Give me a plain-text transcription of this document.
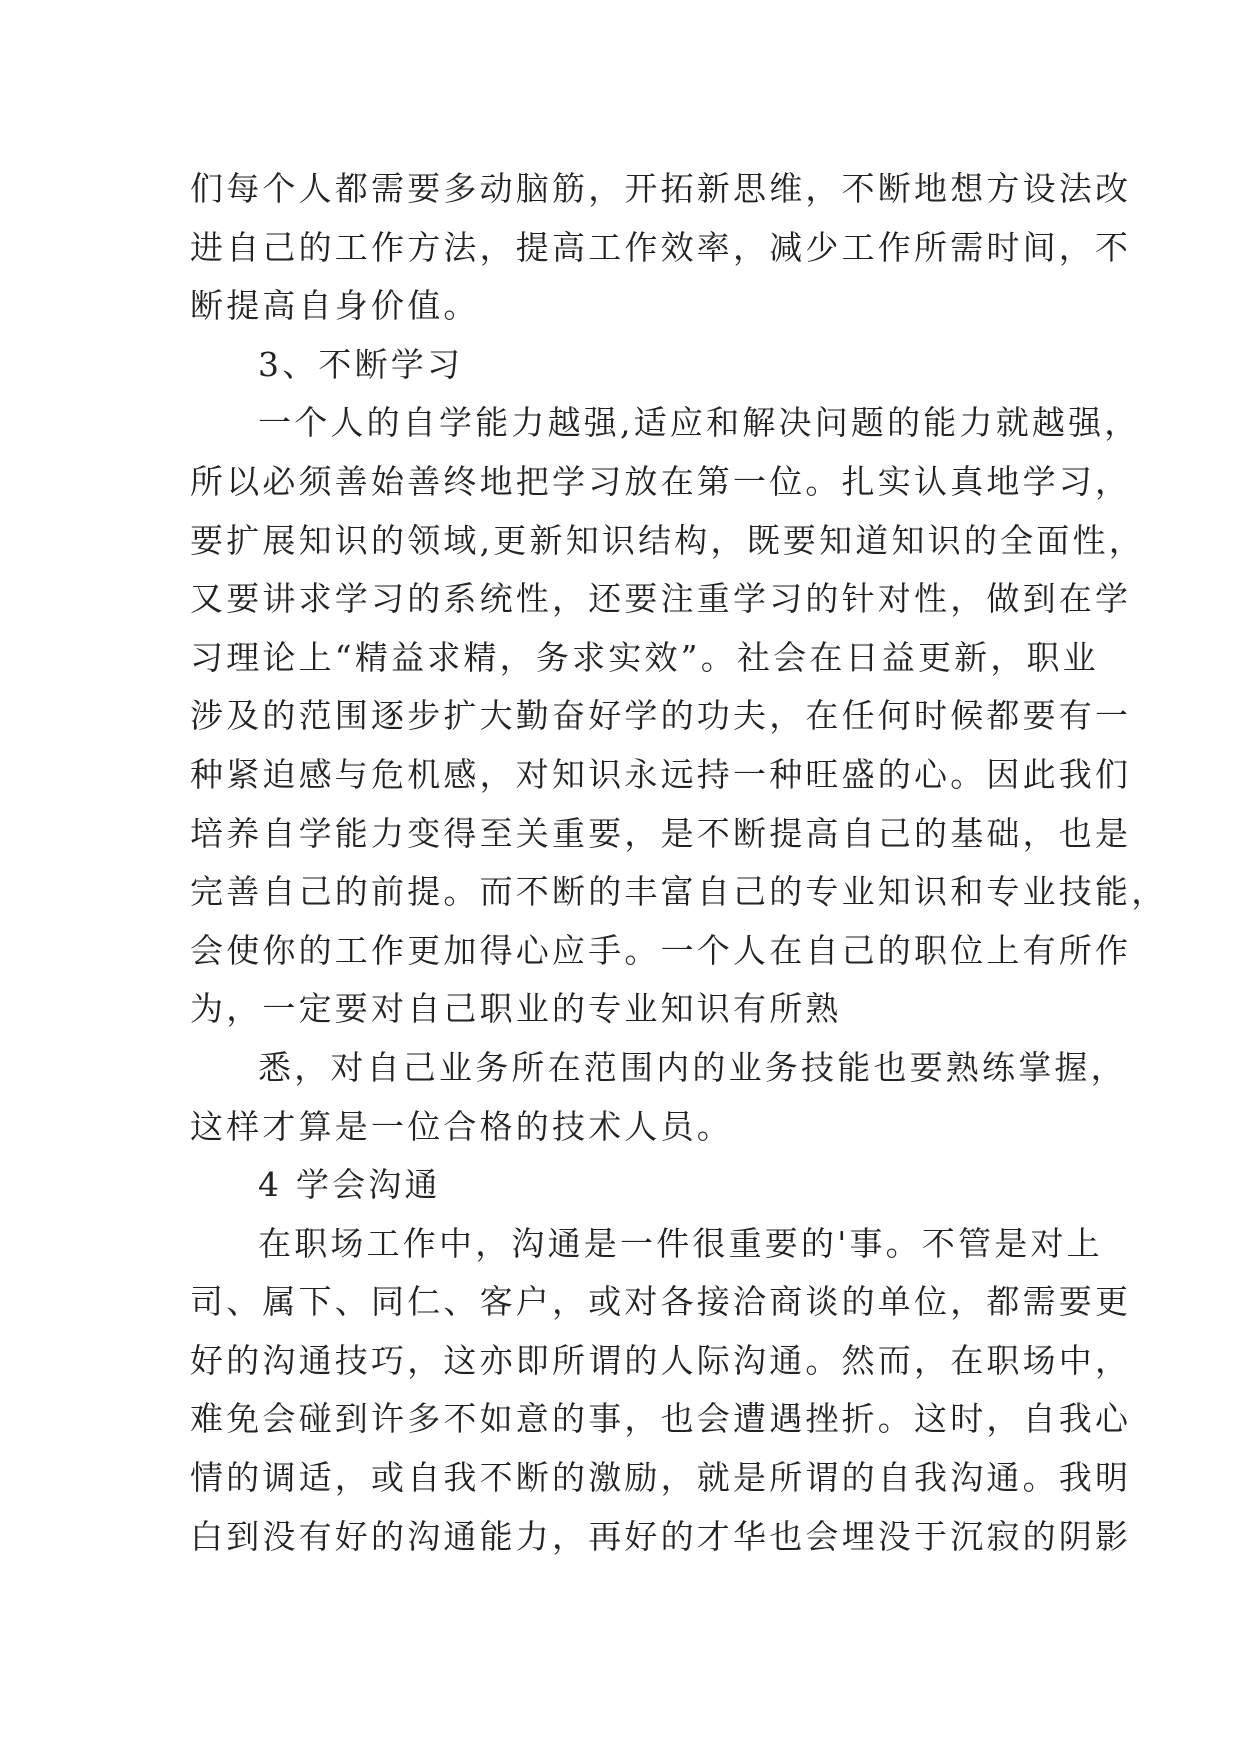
们每个人都需要多动脑筋，开拓新思维，不断地想方设法改
进自己的工作方法，提高工作效率，减少工作所需时间，不
断提高自身价值。
3、不断学习
一个人的自学能力越强,适应和解决问题的能力就越强，
所以必须善始善终地把学习放在第一位。扎实认真地学习，
要扩展知识的领域,更新知识结构，既要知道知识的全面性，
又要讲求学习的系统性，还要注重学习的针对性，做到在学
习理论上“精益求精，务求实效”。社会在日益更新，职业
涉及的范围逐步扩大勤奋好学的功夫，在任何时候都要有一
种紧迫感与危机感，对知识永远持一种旺盛的心。因此我们
培养自学能力变得至关重要，是不断提高自己的基础，也是
完善自己的前提。而不断的丰富自己的专业知识和专业技能，
会使你的工作更加得心应手。一个人在自己的职位上有所作
为，一定要对自己职业的专业知识有所熟
悉，对自己业务所在范围内的业务技能也要熟练掌握，
这样才算是一位合格的技术人员。
4 学会沟通
在职场工作中，沟通是一件很重要的'事。不管是对上
司、属下、同仁、客户，或对各接洽商谈的单位，都需要更
好的沟通技巧，这亦即所谓的人际沟通。然而，在职场中，
难免会碰到许多不如意的事，也会遭遇挫折。这时，自我心
情的调适，或自我不断的激励，就是所谓的自我沟通。我明
白到没有好的沟通能力，再好的才华也会埋没于沉寂的阴影
